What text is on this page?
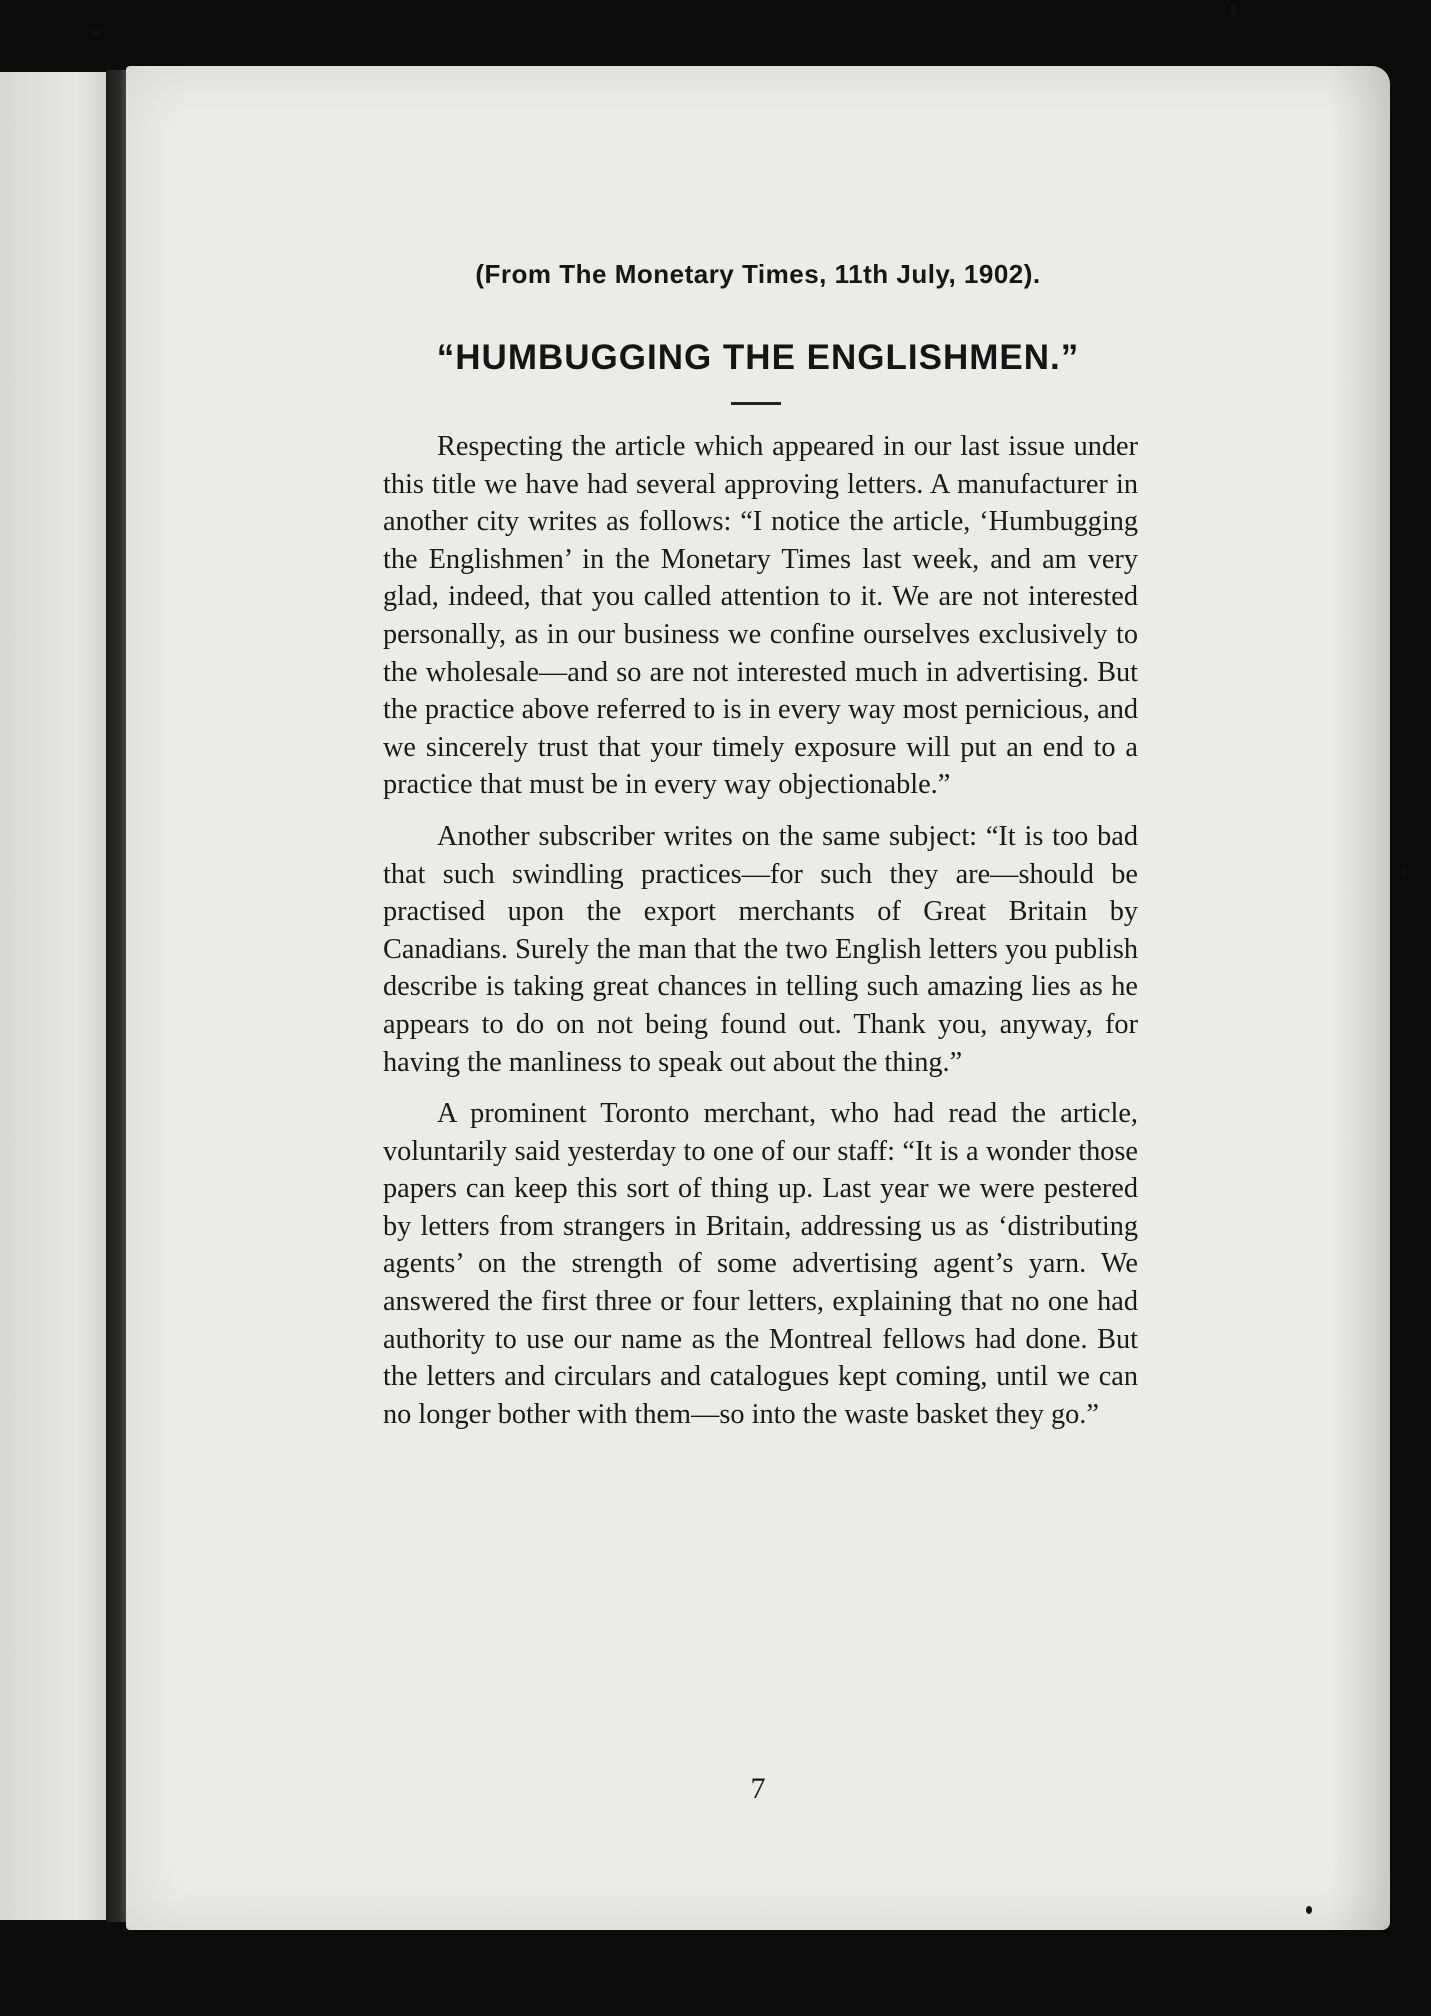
(From The Monetary Times, 11th July, 1902).
“HUMBUGGING THE ENGLISHMEN.”

Respecting the article which appeared in our last issue under this title we have had several approving letters. A manufacturer in another city writes as follows: “I notice the article, ‘Humbugging the Englishmen’ in the Monetary Times last week, and am very glad, indeed, that you called attention to it. We are not interested personally, as in our business we confine ourselves exclusively to the wholesale—and so are not interested much in advertising. But the practice above referred to is in every way most pernicious, and we sincerely trust that your timely exposure will put an end to a practice that must be in every way objectionable.”

Another subscriber writes on the same subject: “It is too bad that such swindling practices—for such they are—should be practised upon the export merchants of Great Britain by Canadians. Surely the man that the two English letters you publish describe is taking great chances in telling such amazing lies as he appears to do on not being found out. Thank you, anyway, for having the manliness to speak out about the thing.”

A prominent Toronto merchant, who had read the article, voluntarily said yesterday to one of our staff: “It is a wonder those papers can keep this sort of thing up. Last year we were pestered by letters from strangers in Britain, addressing us as ‘distributing agents’ on the strength of some advertising agent’s yarn. We answered the first three or four letters, explaining that no one had authority to use our name as the Montreal fellows had done. But the letters and circulars and catalogues kept coming, until we can no longer bother with them—so into the waste basket they go.”

7
